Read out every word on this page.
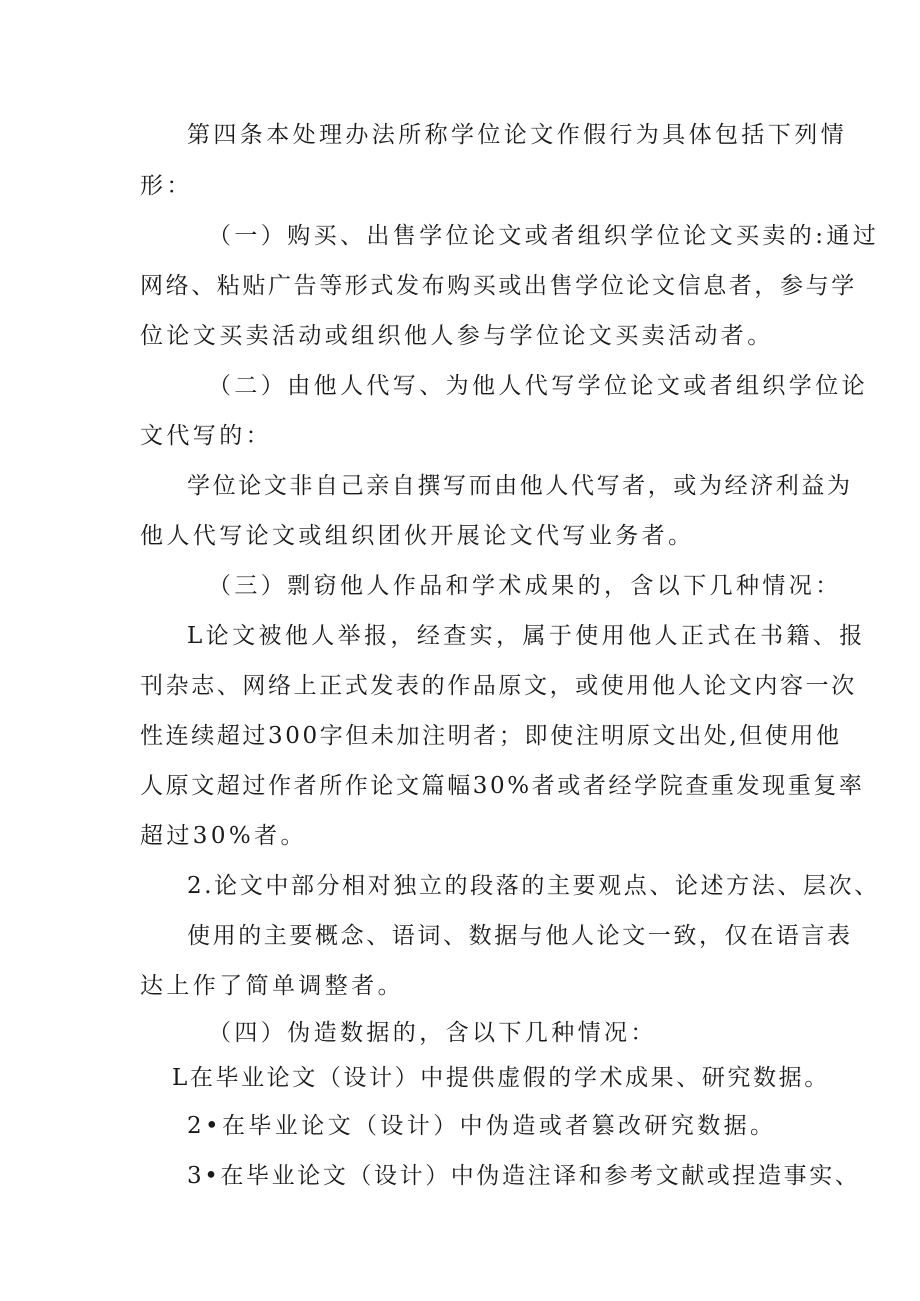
第四条本处理办法所称学位论文作假行为具体包括下列情

形：

（一）购买、出售学位论文或者组织学位论文买卖的:通过

网络、粘贴广告等形式发布购买或出售学位论文信息者，参与学

位论文买卖活动或组织他人参与学位论文买卖活动者。

（二）由他人代写、为他人代写学位论文或者组织学位论

文代写的：

学位论文非自己亲自撰写而由他人代写者，或为经济利益为

他人代写论文或组织团伙开展论文代写业务者。

（三）剽窃他人作品和学术成果的，含以下几种情况：

L论文被他人举报，经查实，属于使用他人正式在书籍、报

刊杂志、网络上正式发表的作品原文，或使用他人论文内容一次

性连续超过300字但未加注明者；即使注明原文出处,但使用他

人原文超过作者所作论文篇幅30%者或者经学院查重发现重复率

超过30%者。

2.论文中部分相对独立的段落的主要观点、论述方法、层次、

使用的主要概念、语词、数据与他人论文一致，仅在语言表

达上作了简单调整者。

（四）伪造数据的，含以下几种情况：

L在毕业论文（设计）中提供虚假的学术成果、研究数据。

2•在毕业论文（设计）中伪造或者篡改研究数据。

3•在毕业论文（设计）中伪造注译和参考文献或捏造事实、
